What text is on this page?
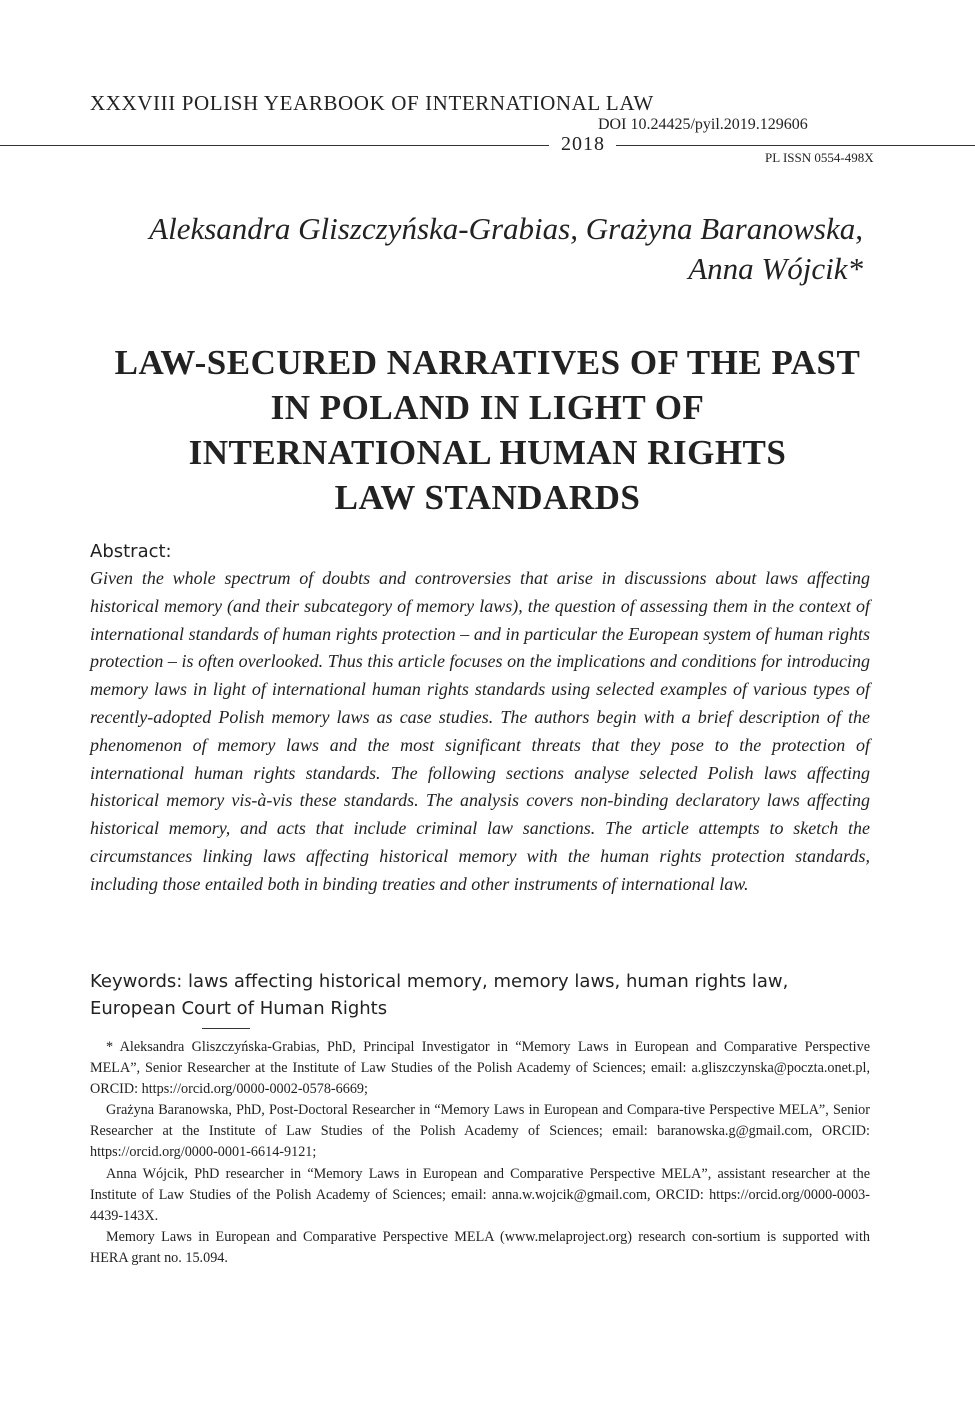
XXXVIII POLISH YEARBOOK OF INTERNATIONAL LAW
DOI 10.24425/pyil.2019.129606
2018
PL ISSN 0554-498X
Aleksandra Gliszczyńska-Grabias, Grażyna Baranowska,
Anna Wójcik*
LAW-SECURED NARRATIVES OF THE PAST
IN POLAND IN LIGHT OF
INTERNATIONAL HUMAN RIGHTS
LAW STANDARDS
Abstract:
Given the whole spectrum of doubts and controversies that arise in discussions about laws affecting historical memory (and their subcategory of memory laws), the question of assessing them in the context of international standards of human rights protection – and in particular the European system of human rights protection – is often overlooked. Thus this article focuses on the implications and conditions for introducing memory laws in light of international human rights standards using selected examples of various types of recently-adopted Polish memory laws as case studies. The authors begin with a brief description of the phenomenon of memory laws and the most significant threats that they pose to the protection of international human rights standards. The following sections analyse selected Polish laws affecting historical memory vis-à-vis these standards. The analysis covers non-binding declaratory laws affecting historical memory, and acts that include criminal law sanctions. The article attempts to sketch the circumstances linking laws affecting historical memory with the human rights protection standards, including those entailed both in binding treaties and other instruments of international law.
Keywords: laws affecting historical memory, memory laws, human rights law, European Court of Human Rights

* Aleksandra Gliszczyńska-Grabias, PhD, Principal Investigator in “Memory Laws in European and Comparative Perspective MELA”, Senior Researcher at the Institute of Law Studies of the Polish Academy of Sciences; email: a.gliszczynska@poczta.onet.pl, ORCID: https://orcid.org/0000-0002-0578-6669;

Grażyna Baranowska, PhD, Post-Doctoral Researcher in “Memory Laws in European and Compara-tive Perspective MELA”, Senior Researcher at the Institute of Law Studies of the Polish Academy of Sciences; email: baranowska.g@gmail.com, ORCID: https://orcid.org/0000-0001-6614-9121;

Anna Wójcik, PhD researcher in “Memory Laws in European and Comparative Perspective MELA”, assistant researcher at the Institute of Law Studies of the Polish Academy of Sciences; email: anna.w.wojcik@gmail.com, ORCID: https://orcid.org/0000-0003-4439-143X.

Memory Laws in European and Comparative Perspective MELA (www.melaproject.org) research con-sortium is supported with HERA grant no. 15.094.
